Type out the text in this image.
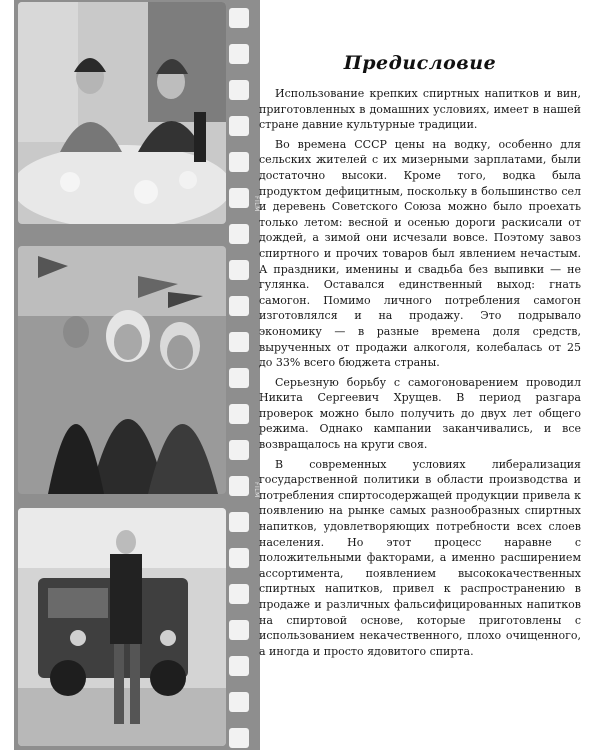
FILM
FILM
Предисловие

Использование крепких спиртных напитков и вин, приготовленных в домашних условиях, имеет в нашей стране давние культурные традиции.

Во времена СССР цены на водку, особенно для сельских жителей с их мизерными зарплатами, были достаточно высоки. Кроме того, водка была продуктом дефицитным, поскольку в большинство сел и деревень Советского Союза можно было проехать только летом: весной и осенью дороги раскисали от дождей, а зимой они исчезали вовсе. Поэтому завоз спиртного и прочих товаров был явлением нечастым. А праздники, именины и свадьба без выпивки — не гулянка. Оставался единственный выход: гнать самогон. Помимо личного потребления самогон изготовлялся и на продажу. Это подрывало экономику — в разные времена доля средств, вырученных от продажи алкоголя, колебалась от 25 до 33% всего бюджета страны.

Серьезную борьбу с самогоноварением проводил Никита Сергеевич Хрущев. В период разгара проверок можно было получить до двух лет общего режима. Однако кампании заканчивались, и все возвращалось на круги своя.

В современных условиях либерализация государственной политики в области производства и потребления спиртосодержащей продукции привела к появлению на рынке самых разнообразных спиртных напитков, удовлетворяющих потребности всех слоев населения. Но этот процесс наравне с положительными факторами, а именно расширением ассортимента, появлением высококачественных спиртных напитков, привел к распространению в продаже и различных фальсифицированных напитков на спиртовой основе, которые приготовлены с использованием некачественного, плохо очищенного, а иногда и просто ядовитого спирта.
